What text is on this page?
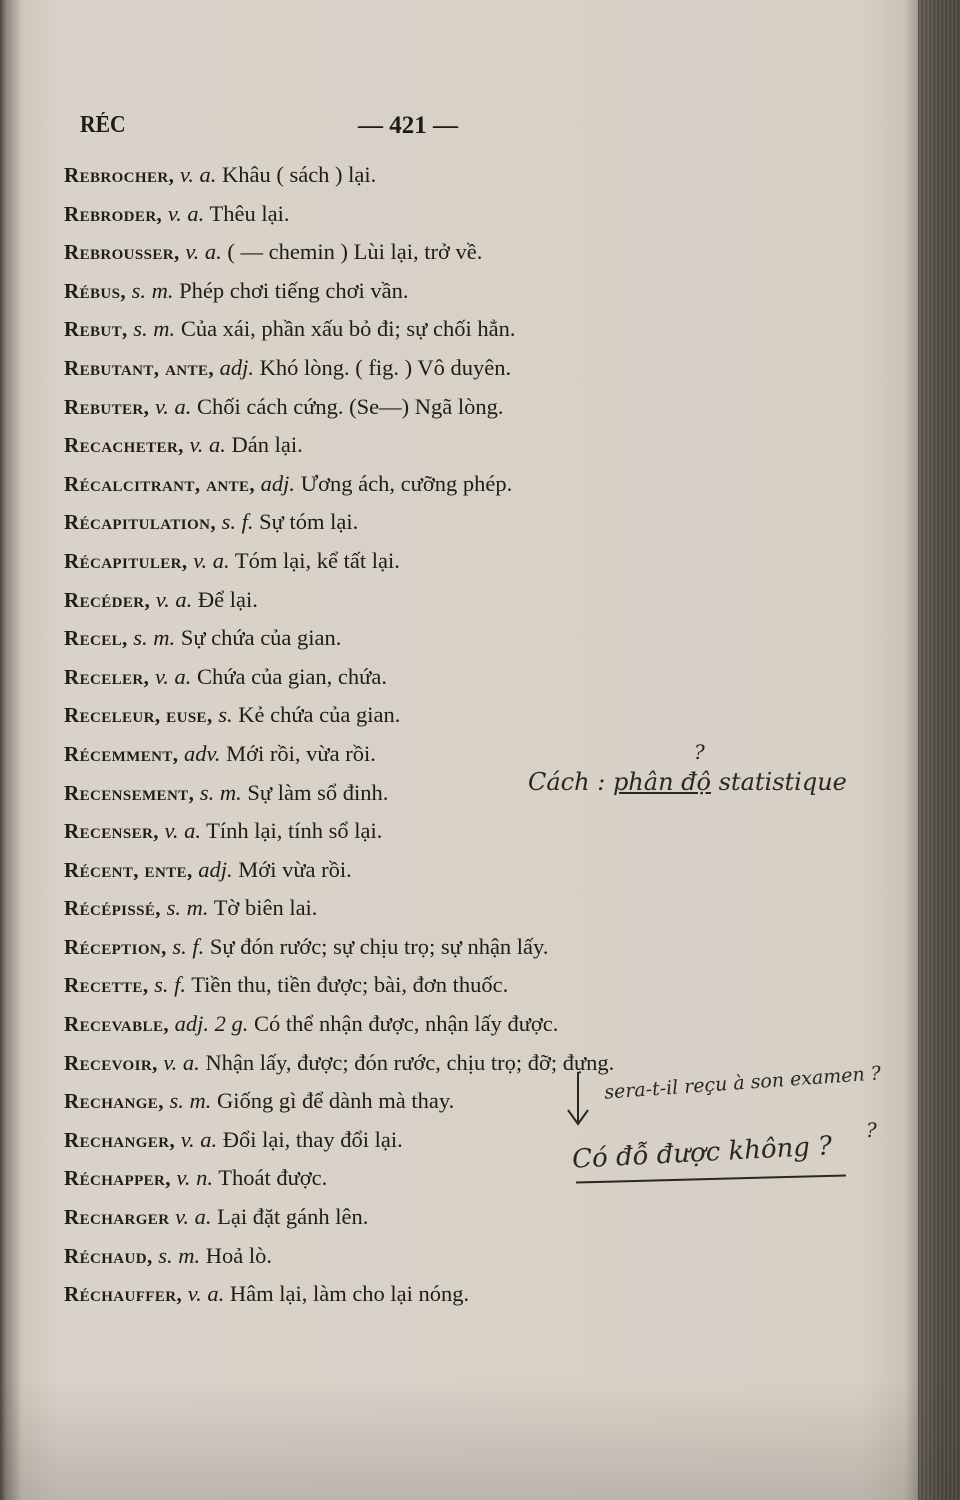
RÉC	— 421 —
Rebrocher, v. a. Khâu ( sách ) lại.
Rebroder, v. a. Thêu lại.
Rebrousser, v. a. ( — chemin ) Lùi lại, trở về.
Rébus, s. m. Phép chơi tiếng chơi vần.
Rebut, s. m. Của xái, phần xấu bỏ đi; sự chối hẳn.
Rebutant, ante, adj. Khó lòng. ( fig. ) Vô duyên.
Rebuter, v. a. Chối cách cứng. (Se—) Ngã lòng.
Recacheter, v. a. Dán lại.
Récalcitrant, ante, adj. Ương ách, cưỡng phép.
Récapitulation, s. f. Sự tóm lại.
Récapituler, v. a. Tóm lại, kể tất lại.
Recéder, v. a. Để lại.
Recel, s. m. Sự chứa của gian.
Receler, v. a. Chứa của gian, chứa.
Receleur, euse, s. Kẻ chứa của gian.
Récemment, adv. Mới rồi, vừa rồi.
Recensement, s. m. Sự làm sổ đinh.
Recenser, v. a. Tính lại, tính sổ lại.
Récent, ente, adj. Mới vừa rồi.
Récépissé, s. m. Tờ biên lai.
Réception, s. f. Sự đón rước; sự chịu trọ; sự nhận lấy.
Recette, s. f. Tiền thu, tiền được; bài, đơn thuốc.
Recevable, adj. 2 g. Có thể nhận được, nhận lấy được.
Recevoir, v. a. Nhận lấy, được; đón rước, chịu trọ; đỡ; đựng.
Rechange, s. m. Giống gì để dành mà thay.
Rechanger, v. a. Đổi lại, thay đổi lại.
Réchapper, v. n. Thoát được.
Recharger v. a. Lại đặt gánh lên.
Réchaud, s. m. Hoả lò.
Réchauffer, v. a. Hâm lại, làm cho lại nóng.
?
Cách : phân độ statistique
sera-t-il reçu à son examen ?
Có đỗ được không ?
?
